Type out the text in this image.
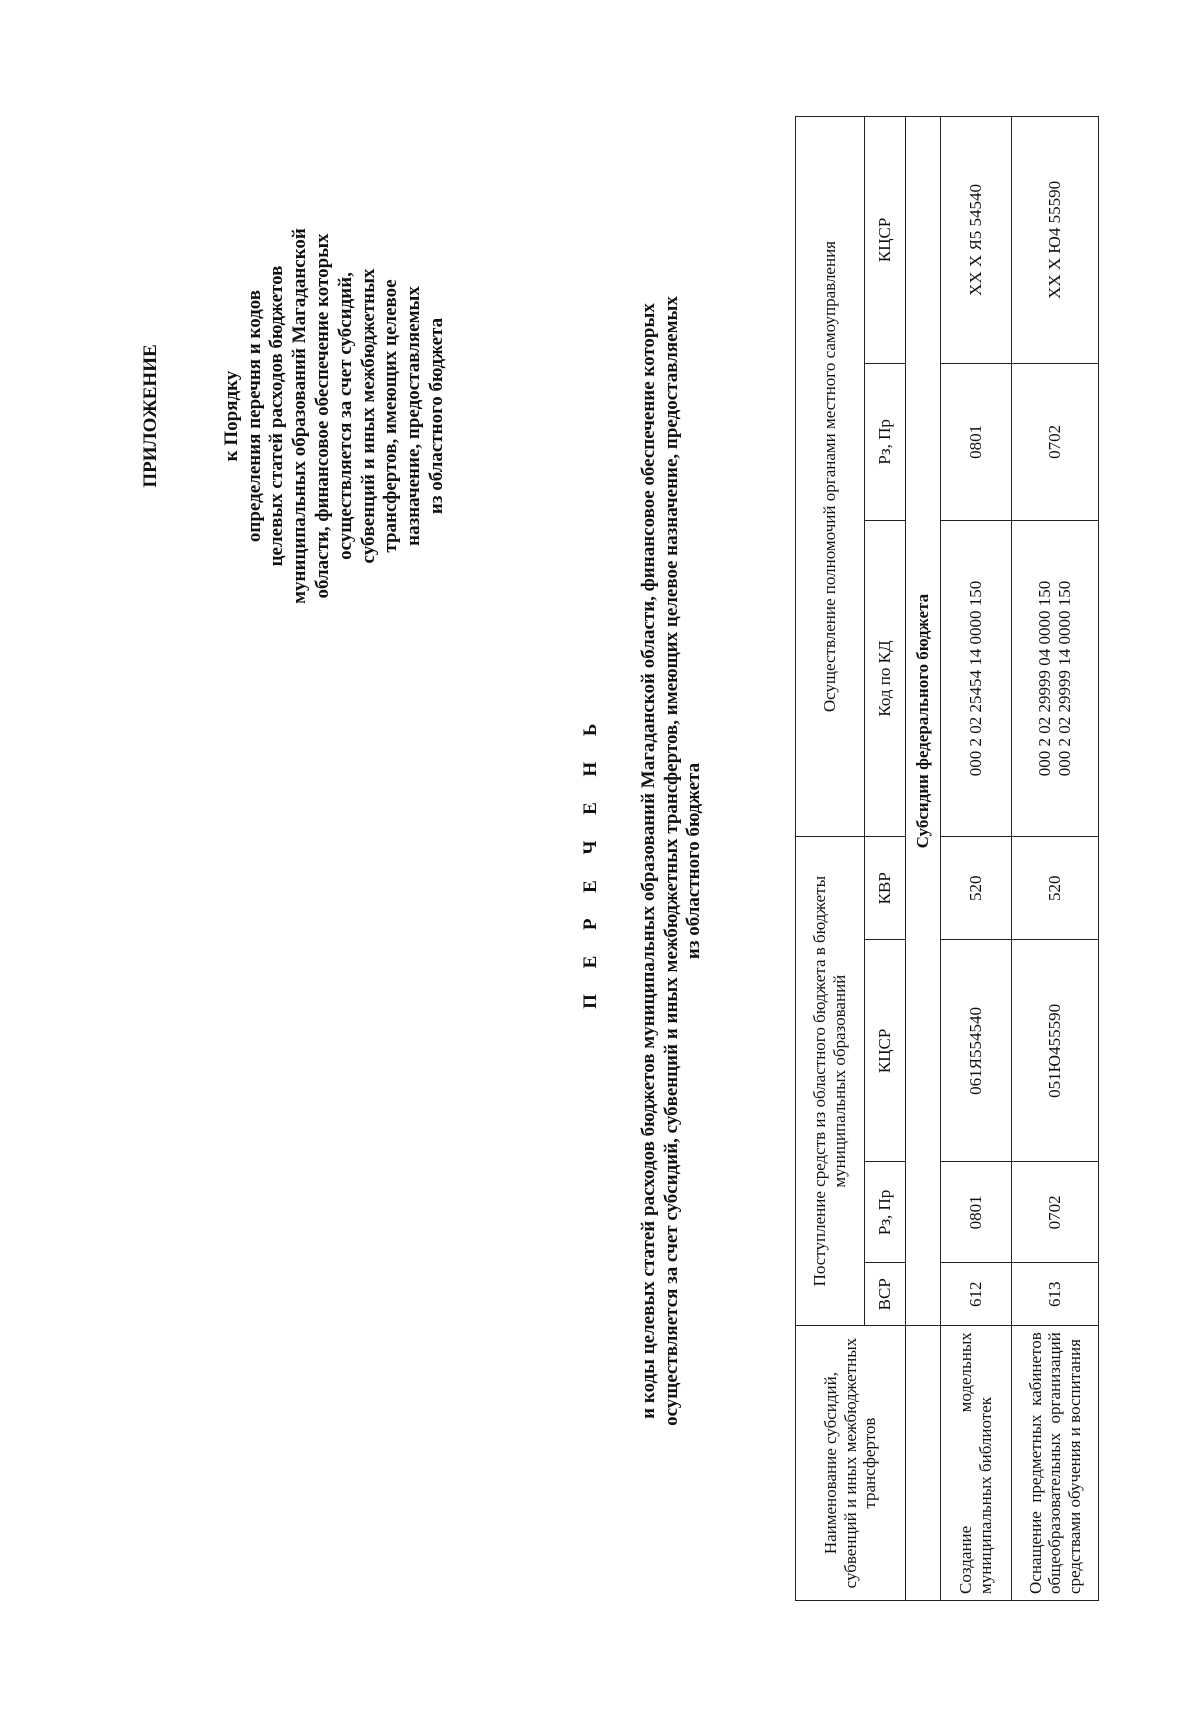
ПРИЛОЖЕНИЕ	к Порядку определения перечня и кодов целевых статей расходов бюджетов муниципальных образований Магаданской области, финансовое обеспечение которых осуществляется за счет субсидий, субвенций и иных межбюджетных трансфертов, имеющих целевое назначение, предоставляемых из областного бюджета
П Е Р Е Ч Е Н Ь и коды целевых статей расходов бюджетов муниципальных образований Магаданской области, финансовое обеспечение которых осуществляется за счет субсидий, субвенций и иных межбюджетных трансфертов, имеющих целевое назначение, предоставляемых из областного бюджета
Наименование субсидий, субвенций и иных межбюджетных трансфертов	Поступление средств из областного бюджета в бюджеты муниципальных образований				Осуществление полномочий органами местного самоуправления		
	ВСР	Рз, Пр	КЦСР	КВР	Код по КД	Рз, Пр	КЦСР
	Субсидии федерального бюджета						
Создание модельных муниципальных библиотек	612	0801	061Я554540	520	000 2 02 25454 14 0000 150	0801	XX X Я5 54540
Оснащение предметных кабинетов общеобразовательных организаций средствами обучения и воспитания	613	0702	051Ю455590	520	000 2 02 29999 04 0000 150 000 2 02 29999 14 0000 150	0702	XX X Ю4 55590
